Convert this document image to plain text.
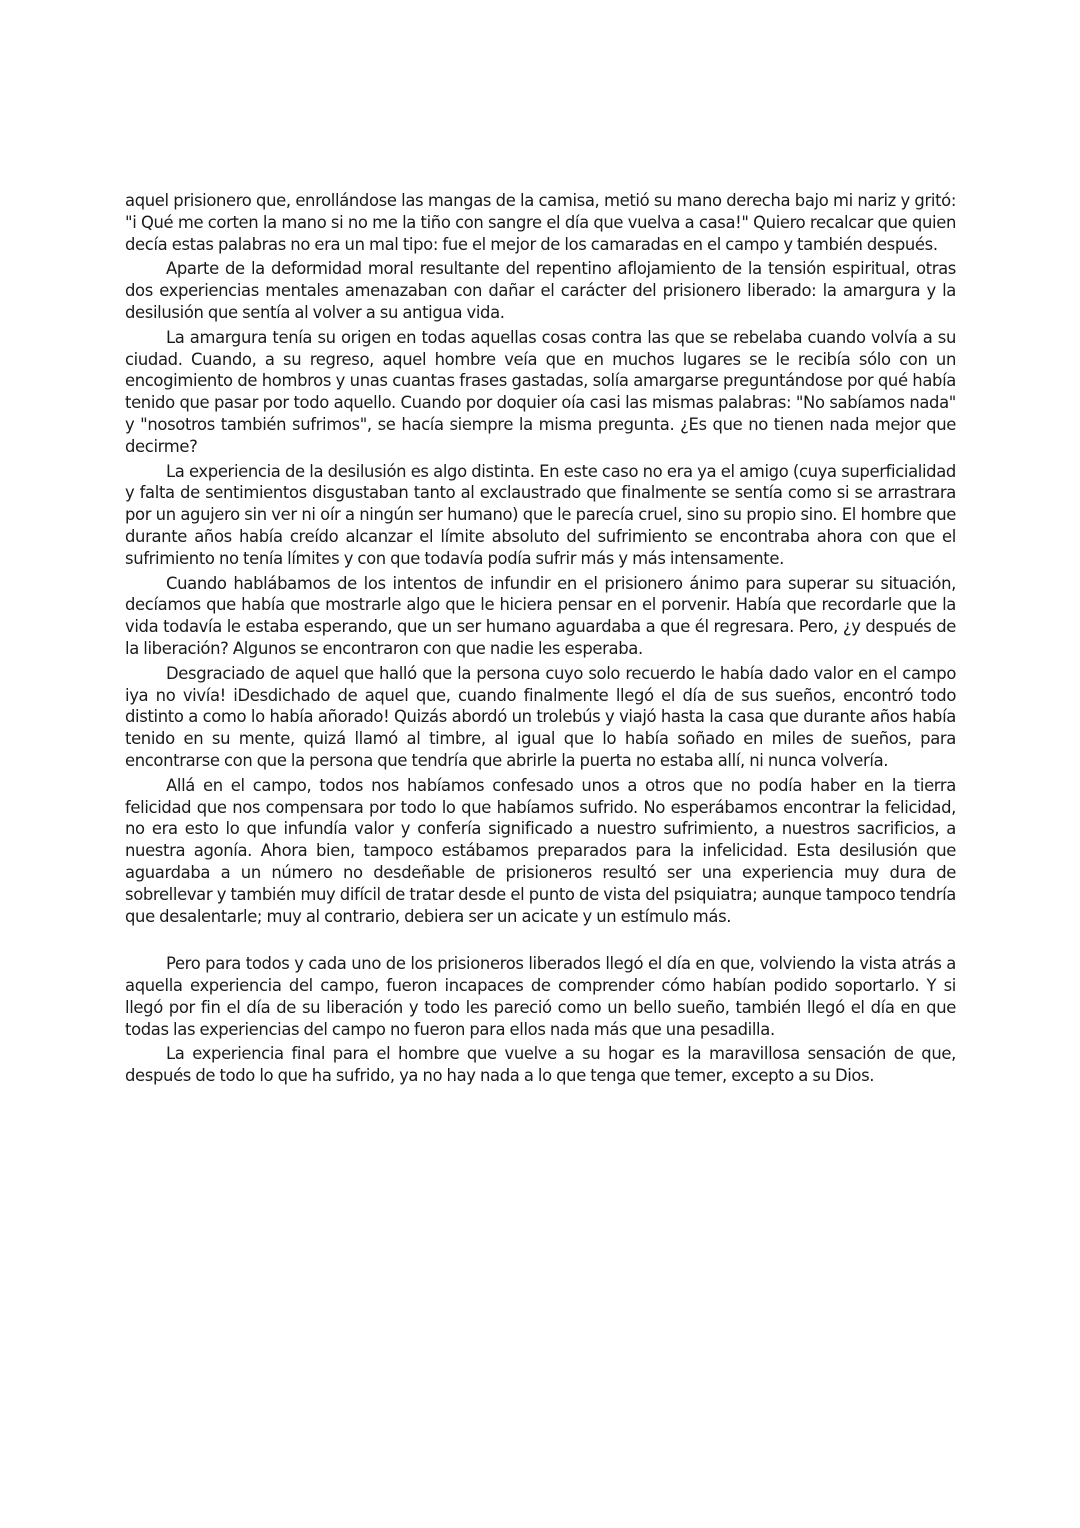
aquel prisionero que, enrollándose las mangas de la camisa, metió su mano derecha bajo mi nariz y gritó: "i Qué me corten la mano si no me la tiño con sangre el día que vuelva a casa!" Quiero recalcar que quien decía estas palabras no era un mal tipo: fue el mejor de los camaradas en el campo y también después.

Aparte de la deformidad moral resultante del repentino aflojamiento de la tensión espiritual, otras dos experiencias mentales amenazaban con dañar el carácter del prisionero liberado: la amargura y la desilusión que sentía al volver a su antigua vida.

La amargura tenía su origen en todas aquellas cosas contra las que se rebelaba cuando volvía a su ciudad. Cuando, a su regreso, aquel hombre veía que en muchos lugares se le recibía sólo con un encogimiento de hombros y unas cuantas frases gastadas, solía amargarse preguntándose por qué había tenido que pasar por todo aquello. Cuando por doquier oía casi las mismas palabras: "No sabíamos nada" y "nosotros también sufrimos", se hacía siempre la misma pregunta. ¿Es que no tienen nada mejor que decirme?

La experiencia de la desilusión es algo distinta. En este caso no era ya el amigo (cuya superficialidad y falta de sentimientos disgustaban tanto al exclaustrado que finalmente se sentía como si se arrastrara por un agujero sin ver ni oír a ningún ser humano) que le parecía cruel, sino su propio sino. El hombre que durante años había creído alcanzar el límite absoluto del sufrimiento se encontraba ahora con que el sufrimiento no tenía límites y con que todavía podía sufrir más y más intensamente.

Cuando hablábamos de los intentos de infundir en el prisionero ánimo para superar su situación, decíamos que había que mostrarle algo que le hiciera pensar en el porvenir. Había que recordarle que la vida todavía le estaba esperando, que un ser humano aguardaba a que él regresara. Pero, ¿y después de la liberación? Algunos se encontraron con que nadie les esperaba.

Desgraciado de aquel que halló que la persona cuyo solo recuerdo le había dado valor en el campo iya no vivía! iDesdichado de aquel que, cuando finalmente llegó el día de sus sueños, encontró todo distinto a como lo había añorado! Quizás abordó un trolebús y viajó hasta la casa que durante años había tenido en su mente, quizá llamó al timbre, al igual que lo había soñado en miles de sueños, para encontrarse con que la persona que tendría que abrirle la puerta no estaba allí, ni nunca volvería.

Allá en el campo, todos nos habíamos confesado unos a otros que no podía haber en la tierra felicidad que nos compensara por todo lo que habíamos sufrido. No esperábamos encontrar la felicidad, no era esto lo que infundía valor y confería significado a nuestro sufrimiento, a nuestros sacrificios, a nuestra agonía. Ahora bien, tampoco estábamos preparados para la infelicidad. Esta desilusión que aguardaba a un número no desdeñable de prisioneros resultó ser una experiencia muy dura de sobrellevar y también muy difícil de tratar desde el punto de vista del psiquiatra; aunque tampoco tendría que desalentarle; muy al contrario, debiera ser un acicate y un estímulo más.

Pero para todos y cada uno de los prisioneros liberados llegó el día en que, volviendo la vista atrás a aquella experiencia del campo, fueron incapaces de comprender cómo habían podido soportarlo. Y si llegó por fin el día de su liberación y todo les pareció como un bello sueño, también llegó el día en que todas las experiencias del campo no fueron para ellos nada más que una pesadilla.

La experiencia final para el hombre que vuelve a su hogar es la maravillosa sensación de que, después de todo lo que ha sufrido, ya no hay nada a lo que tenga que temer, excepto a su Dios.
